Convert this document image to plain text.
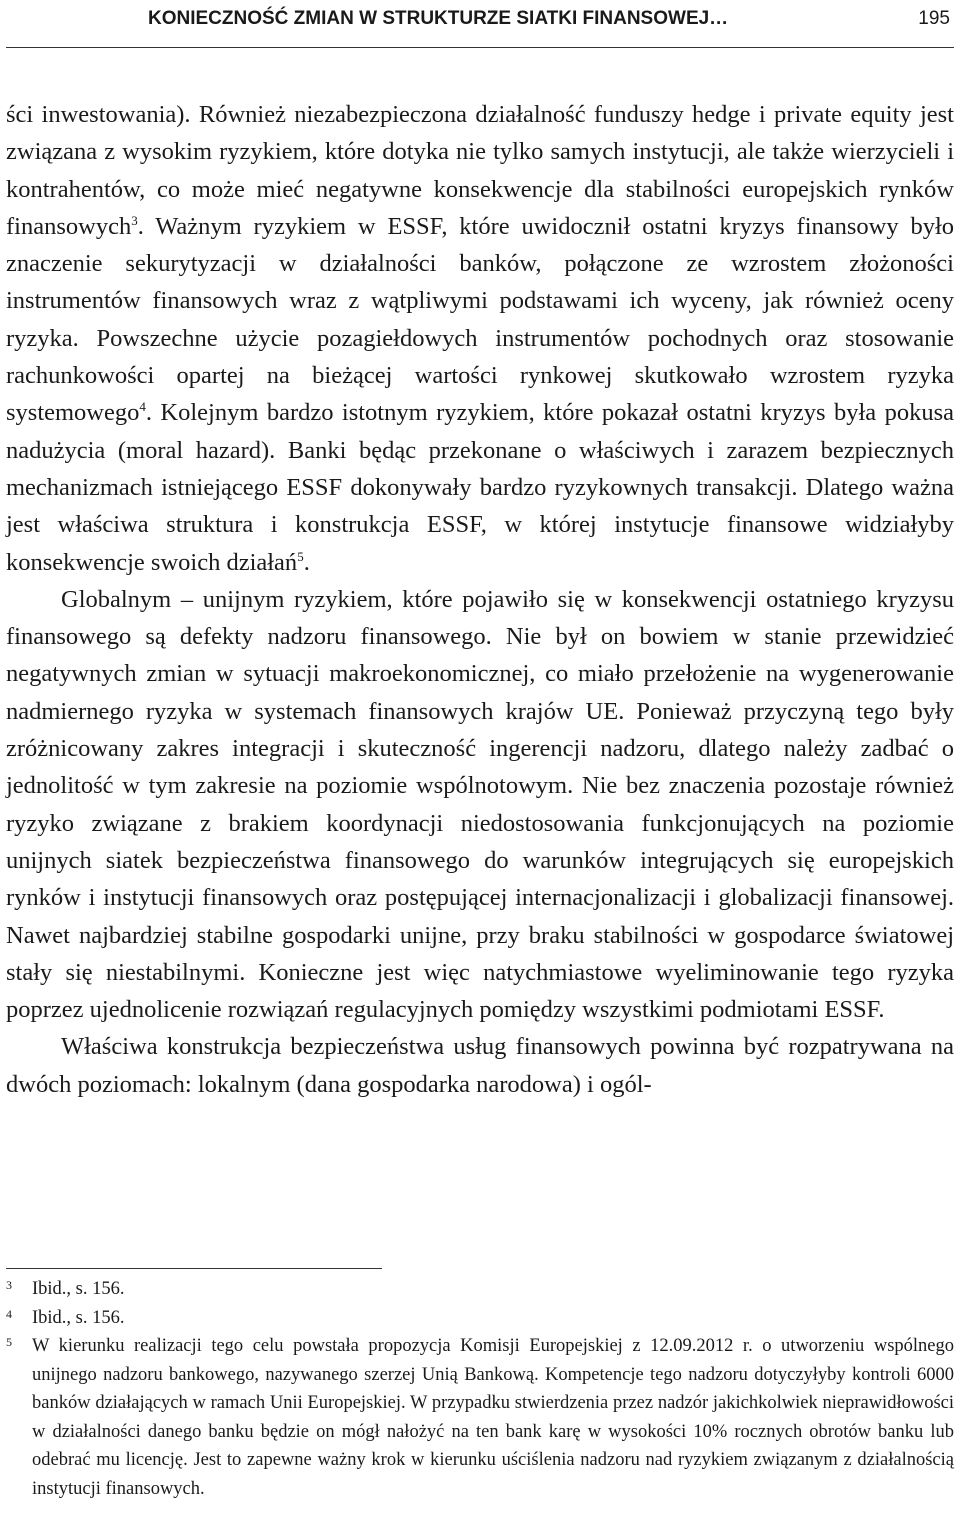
KONIECZNOŚĆ ZMIAN W STRUKTURZE SIATKI FINANSOWEJ…	195

ści inwestowania). Również niezabezpieczona działalność funduszy hedge i private equity jest związana z wysokim ryzykiem, które dotyka nie tylko samych instytucji, ale także wierzycieli i kontrahentów, co może mieć negatywne konsekwencje dla stabilności europejskich rynków finansowych$^3$. Ważnym ryzykiem w ESSF, które uwidocznił ostatni kryzys finansowy było znaczenie sekurytyzacji w działalności banków, połączone ze wzrostem złożoności instrumentów finansowych wraz z wątpliwymi podstawami ich wyceny, jak również oceny ryzyka. Powszechne użycie pozagiełdowych instrumentów pochodnych oraz stosowanie rachunkowości opartej na bieżącej wartości rynkowej skutkowało wzrostem ryzyka systemowego$^4$. Kolejnym bardzo istotnym ryzykiem, które pokazał ostatni kryzys była pokusa nadużycia (moral hazard). Banki będąc przekonane o właściwych i zarazem bezpiecznych mechanizmach istniejącego ESSF dokonywały bardzo ryzykownych transakcji. Dlatego ważna jest właściwa struktura i konstrukcja ESSF, w której instytucje finansowe widziałyby konsekwencje swoich działań$^5$.

Globalnym – unijnym ryzykiem, które pojawiło się w konsekwencji ostatniego kryzysu finansowego są defekty nadzoru finansowego. Nie był on bowiem w stanie przewidzieć negatywnych zmian w sytuacji makroekonomicznej, co miało przełożenie na wygenerowanie nadmiernego ryzyka w systemach finansowych krajów UE. Ponieważ przyczyną tego były zróżnicowany zakres integracji i skuteczność ingerencji nadzoru, dlatego należy zadbać o jednolitość w tym zakresie na poziomie wspólnotowym. Nie bez znaczenia pozostaje również ryzyko związane z brakiem koordynacji niedostosowania funkcjonujących na poziomie unijnych siatek bezpieczeństwa finansowego do warunków integrujących się europejskich rynków i instytucji finansowych oraz postępującej internacjonalizacji i globalizacji finansowej. Nawet najbardziej stabilne gospodarki unijne, przy braku stabilności w gospodarce światowej stały się niestabilnymi. Konieczne jest więc natychmiastowe wyeliminowanie tego ryzyka poprzez ujednolicenie rozwiązań regulacyjnych pomiędzy wszystkimi podmiotami ESSF.

Właściwa konstrukcja bezpieczeństwa usług finansowych powinna być rozpatrywana na dwóch poziomach: lokalnym (dana gospodarka narodowa) i ogól-

3 Ibid., s. 156.
4 Ibid., s. 156.
5 W kierunku realizacji tego celu powstała propozycja Komisji Europejskiej z 12.09.2012 r. o utworzeniu wspólnego unijnego nadzoru bankowego, nazywanego szerzej Unią Bankową. Kompetencje tego nadzoru dotyczyłyby kontroli 6000 banków działających w ramach Unii Europejskiej. W przypadku stwierdzenia przez nadzór jakichkolwiek nieprawidłowości w działalności danego banku będzie on mógł nałożyć na ten bank karę w wysokości 10% rocznych obrotów banku lub odebrać mu licencję. Jest to zapewne ważny krok w kierunku uściślenia nadzoru nad ryzykiem związanym z działalnością instytucji finansowych.
